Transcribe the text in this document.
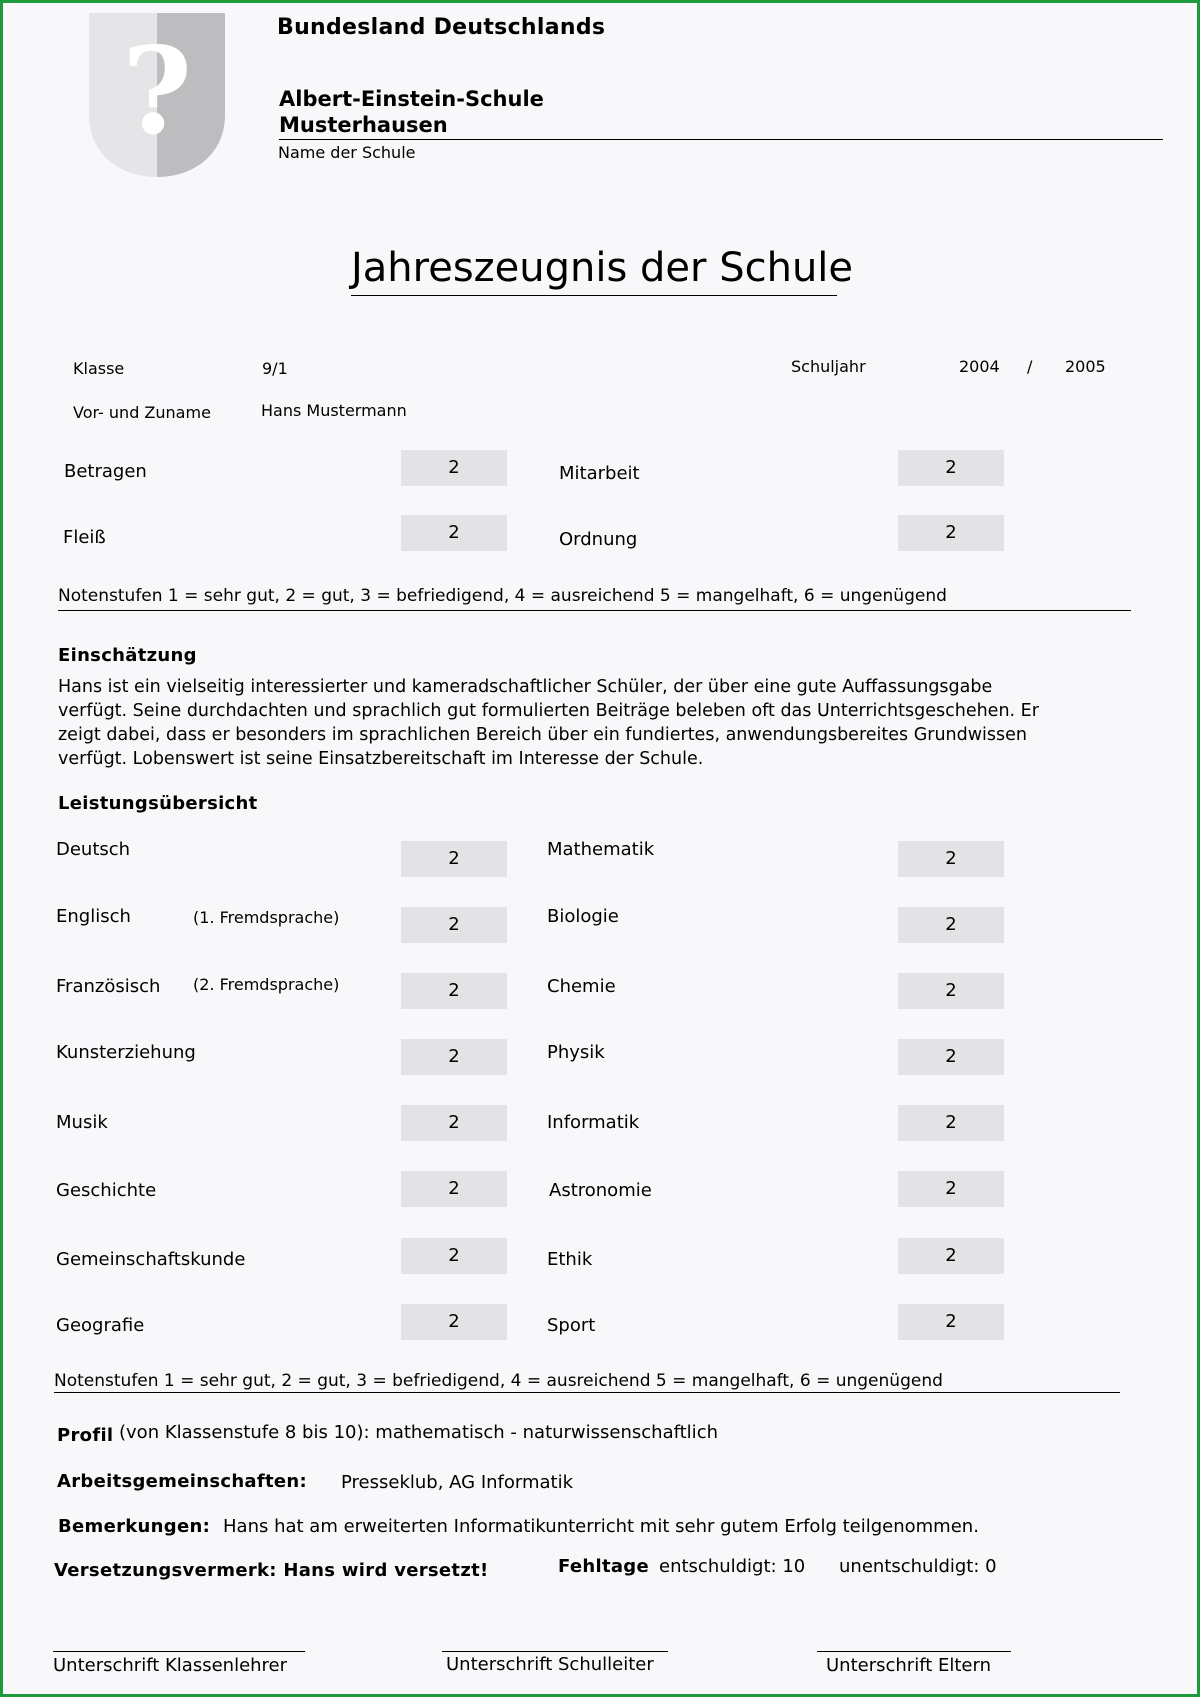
?	Bundesland Deutschlands
Albert-Einstein-Schule
Musterhausen
Name der Schule
Jahreszeugnis der Schule
Klasse	9/1	Schuljahr	2004 / 2005
Vor- und Zuname	Hans Mustermann
Betragen	2	Mitarbeit	2
Fleiß	2	Ordnung	2
Notenstufen 1 = sehr gut, 2 = gut, 3 = befriedigend, 4 = ausreichend 5 = mangelhaft, 6 = ungenügend
Einschätzung

Hans ist ein vielseitig interessierter und kameradschaftlicher Schüler, der über eine gute Auffassungsgabe

verfügt. Seine durchdachten und sprachlich gut formulierten Beiträge beleben oft das Unterrichtsgeschehen. Er

zeigt dabei, dass er besonders im sprachlichen Bereich über ein fundiertes, anwendungsbereites Grundwissen

verfügt. Lobenswert ist seine Einsatzbereitschaft im Interesse der Schule.

Leistungsübersicht
Deutsch	2	Mathematik	2
Englisch	(1. Fremdsprache)	2	Biologie	2
Französisch (2. Fremdsprache)	2	Chemie	2
Kunsterziehung	2	Physik	2
Musik	2	Informatik	2
Geschichte	2	Astronomie	2
Gemeinschaftskunde	2	Ethik	2
Geografie	2	Sport	2
Notenstufen 1 = sehr gut, 2 = gut, 3 = befriedigend, 4 = ausreichend 5 = mangelhaft, 6 = ungenügend
Profil (von Klassenstufe 8 bis 10): mathematisch - naturwissenschaftlich
Arbeitsgemeinschaften: Presseklub, AG Informatik
Bemerkungen: Hans hat am erweiterten Informatikunterricht mit sehr gutem Erfolg teilgenommen.
Versetzungsvermerk: Hans wird versetzt!	Fehltage entschuldigt: 10 unentschuldigt: 0
Unterschrift Klassenlehrer	Unterschrift Schulleiter	Unterschrift Eltern
